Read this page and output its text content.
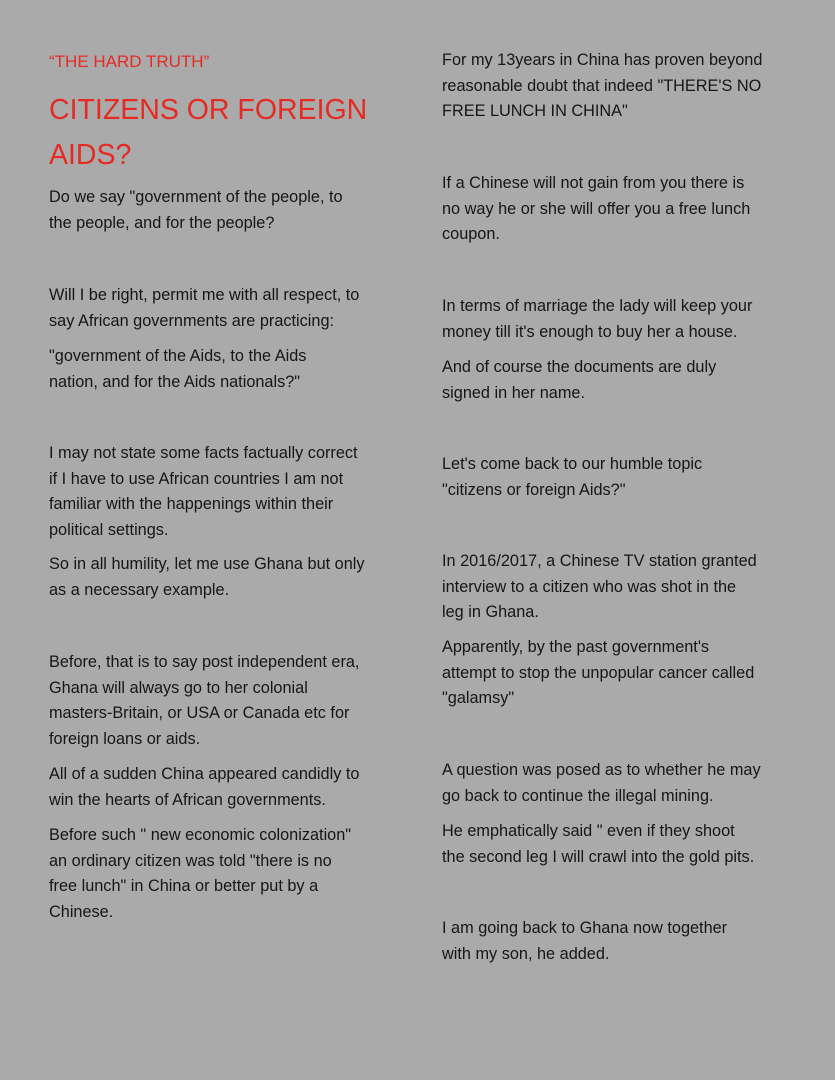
“THE HARD TRUTH”

CITIZENS OR FOREIGN
AIDS?

Do we say "government of the people, to
the people, and for the people?

Will I be right, permit me with all respect, to
say African governments are practicing:

"government of the Aids, to the Aids
nation, and for the Aids nationals?"

I may not state some facts factually correct
if I have to use African countries I am not
familiar with the happenings within their
political settings.

So in all humility, let me use Ghana but only
as a necessary example.

Before, that is to say post independent era,
Ghana will always go to her colonial
masters-Britain, or USA or Canada etc for
foreign loans or aids.

All of a sudden China appeared candidly to
win the hearts of African governments.

Before such " new economic colonization"
an ordinary citizen was told "there is no
free lunch" in China or better put by a
Chinese.

For my 13years in China has proven beyond
reasonable doubt that indeed "THERE'S NO
FREE LUNCH IN CHINA"

If a Chinese will not gain from you there is
no way he or she will offer you a free lunch
coupon.

In terms of marriage the lady will keep your
money till it's enough to buy her a house.

And of course the documents are duly
signed in her name.

Let's come back to our humble topic
"citizens or foreign Aids?"

In 2016/2017, a Chinese TV station granted
interview to a citizen who was shot in the
leg in Ghana.

Apparently, by the past government's
attempt to stop the unpopular cancer called
"galamsy"

A question was posed as to whether he may
go back to continue the illegal mining.

He emphatically said " even if they shoot
the second leg I will crawl into the gold pits.

I am going back to Ghana now together
with my son, he added.
